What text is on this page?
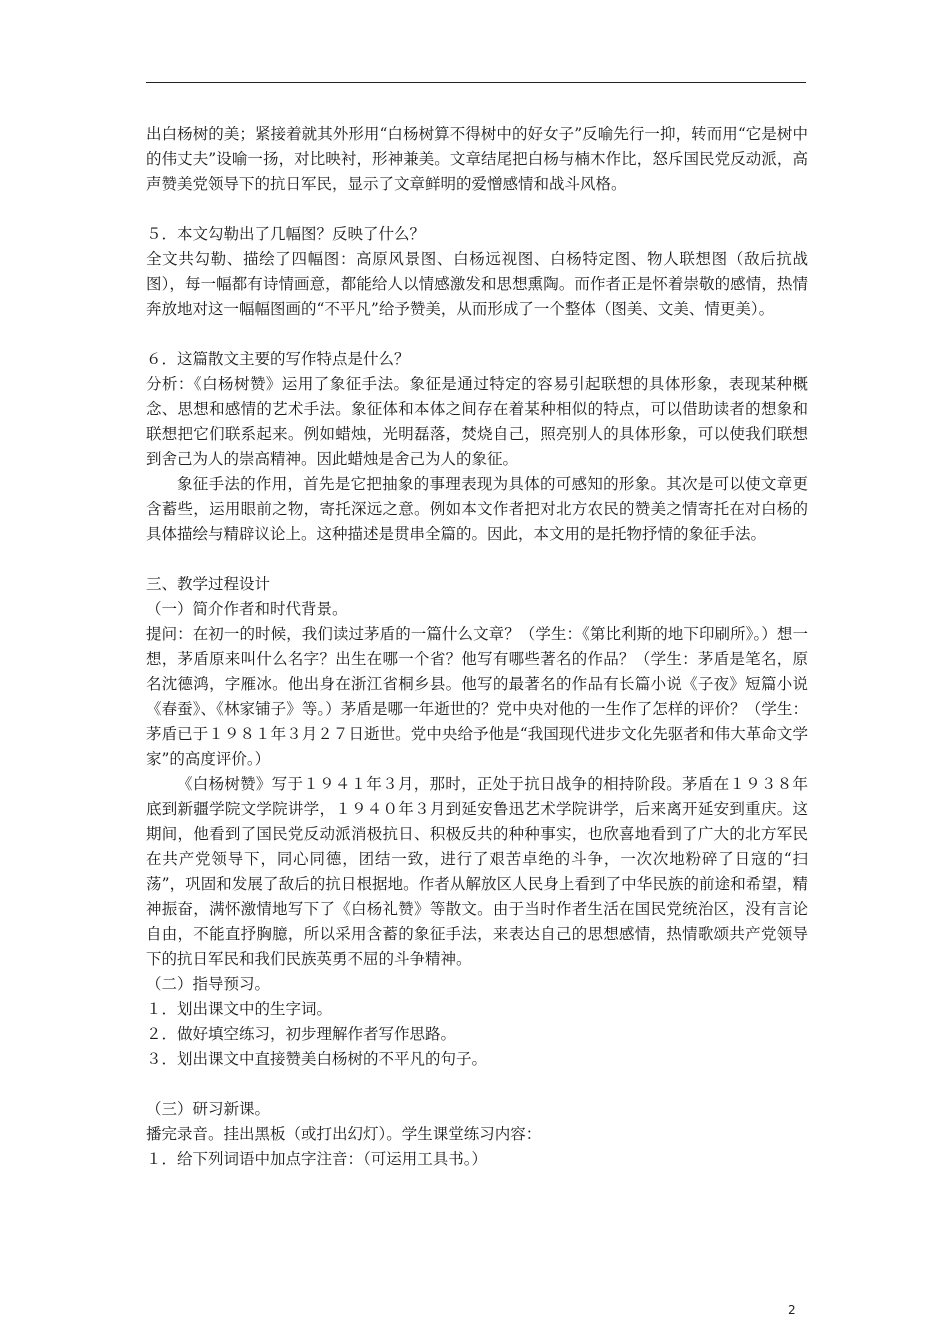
出白杨树的美；紧接着就其外形用“白杨树算不得树中的好女子”反喻先行一抑，转而用“它是树中的伟丈夫”设喻一扬，对比映衬，形神兼美。文章结尾把白杨与楠木作比，怒斥国民党反动派，高声赞美党领导下的抗日军民，显示了文章鲜明的爱憎感情和战斗风格。

５．本文勾勒出了几幅图？反映了什么？

全文共勾勒、描绘了四幅图：高原风景图、白杨远视图、白杨特定图、物人联想图（敌后抗战图），每一幅都有诗情画意，都能给人以情感激发和思想熏陶。而作者正是怀着崇敬的感情，热情奔放地对这一幅幅图画的“不平凡”给予赞美，从而形成了一个整体（图美、文美、情更美）。

６．这篇散文主要的写作特点是什么？

分析：《白杨树赞》运用了象征手法。象征是通过特定的容易引起联想的具体形象，表现某种概念、思想和感情的艺术手法。象征体和本体之间存在着某种相似的特点，可以借助读者的想象和联想把它们联系起来。例如蜡烛，光明磊落，焚烧自己，照亮别人的具体形象，可以使我们联想到舍己为人的崇高精神。因此蜡烛是舍己为人的象征。

象征手法的作用，首先是它把抽象的事理表现为具体的可感知的形象。其次是可以使文章更含蓄些，运用眼前之物，寄托深远之意。例如本文作者把对北方农民的赞美之情寄托在对白杨的具体描绘与精辟议论上。这种描述是贯串全篇的。因此，本文用的是托物抒情的象征手法。

三、教学过程设计

（一）简介作者和时代背景。

提问：在初一的时候，我们读过茅盾的一篇什么文章？（学生：《第比利斯的地下印刷所》。）想一想，茅盾原来叫什么名字？出生在哪一个省？他写有哪些著名的作品？（学生：茅盾是笔名，原名沈德鸿，字雁冰。他出身在浙江省桐乡县。他写的最著名的作品有长篇小说《子夜》短篇小说《春蚕》、《林家铺子》等。）茅盾是哪一年逝世的？党中央对他的一生作了怎样的评价？（学生：茅盾已于１９８１年３月２７日逝世。党中央给予他是“我国现代进步文化先驱者和伟大革命文学家”的高度评价。）

《白杨树赞》写于１９４１年３月，那时，正处于抗日战争的相持阶段。茅盾在１９３８年底到新疆学院文学院讲学，１９４０年３月到延安鲁迅艺术学院讲学，后来离开延安到重庆。这期间，他看到了国民党反动派消极抗日、积极反共的种种事实，也欣喜地看到了广大的北方军民在共产党领导下，同心同德，团结一致，进行了艰苦卓绝的斗争，一次次地粉碎了日寇的“扫荡”，巩固和发展了敌后的抗日根据地。作者从解放区人民身上看到了中华民族的前途和希望，精神振奋，满怀激情地写下了《白杨礼赞》等散文。由于当时作者生活在国民党统治区，没有言论自由，不能直抒胸臆，所以采用含蓄的象征手法，来表达自己的思想感情，热情歌颂共产党领导下的抗日军民和我们民族英勇不屈的斗争精神。

（二）指导预习。

１．划出课文中的生字词。

２．做好填空练习，初步理解作者写作思路。

３．划出课文中直接赞美白杨树的不平凡的句子。

（三）研习新课。

播完录音。挂出黑板（或打出幻灯）。学生课堂练习内容：

１．给下列词语中加点字注音：（可运用工具书。）

2
